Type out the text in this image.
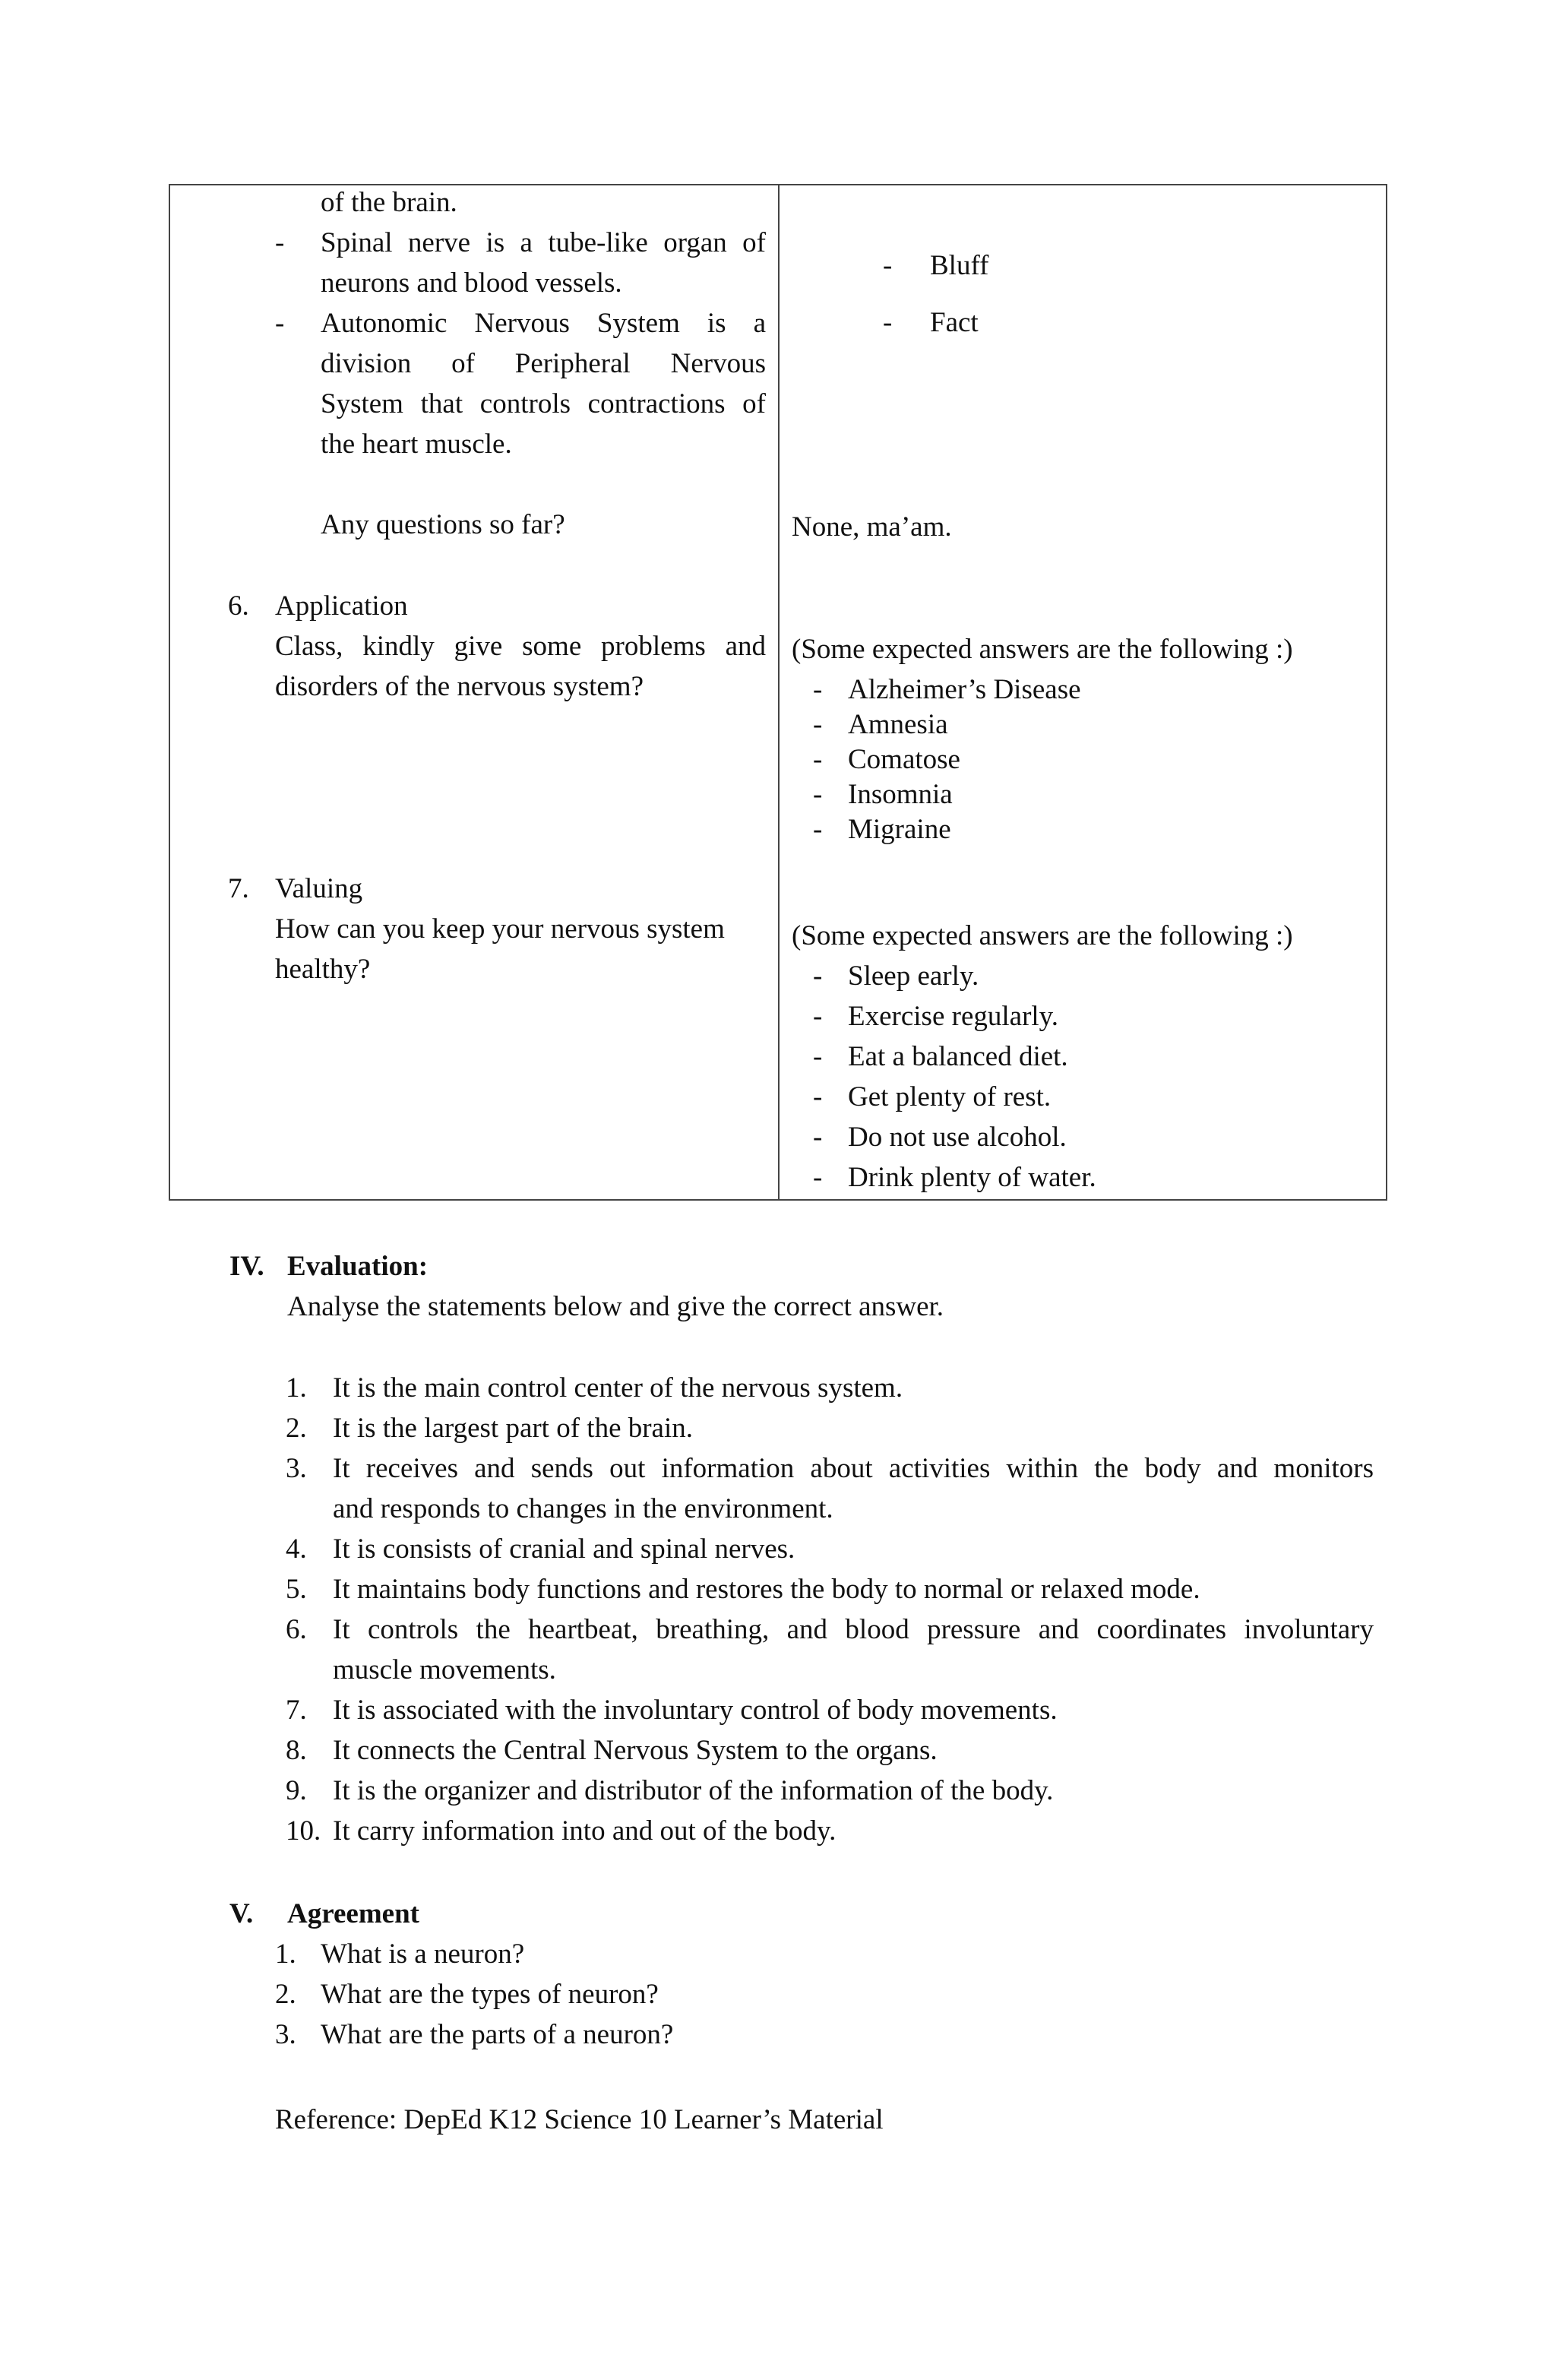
of the brain.
- Spinal nerve is a tube-like organ of
neurons and blood vessels.
- Autonomic Nervous System is a
division of Peripheral Nervous
System that controls contractions of
the heart muscle.
Any questions so far?
6. Application
Class, kindly give some problems and
disorders of the nervous system?
7. Valuing
How can you keep your nervous system
healthy?
- Bluff
- Fact
None, ma’am.
(Some expected answers are the following :)
- Alzheimer’s Disease
- Amnesia
- Comatose
- Insomnia
- Migraine
(Some expected answers are the following :)
- Sleep early.
- Exercise regularly.
- Eat a balanced diet.
- Get plenty of rest.
- Do not use alcohol.
- Drink plenty of water.
IV. Evaluation:
Analyse the statements below and give the correct answer.
1. It is the main control center of the nervous system.
2. It is the largest part of the brain.
3. It receives and sends out information about activities within the body and monitors
and responds to changes in the environment.
4. It is consists of cranial and spinal nerves.
5. It maintains body functions and restores the body to normal or relaxed mode.
6. It controls the heartbeat, breathing, and blood pressure and coordinates involuntary
muscle movements.
7. It is associated with the involuntary control of body movements.
8. It connects the Central Nervous System to the organs.
9. It is the organizer and distributor of the information of the body.
10. It carry information into and out of the body.
V. Agreement
1. What is a neuron?
2. What are the types of neuron?
3. What are the parts of a neuron?
Reference: DepEd K12 Science 10 Learner’s Material
